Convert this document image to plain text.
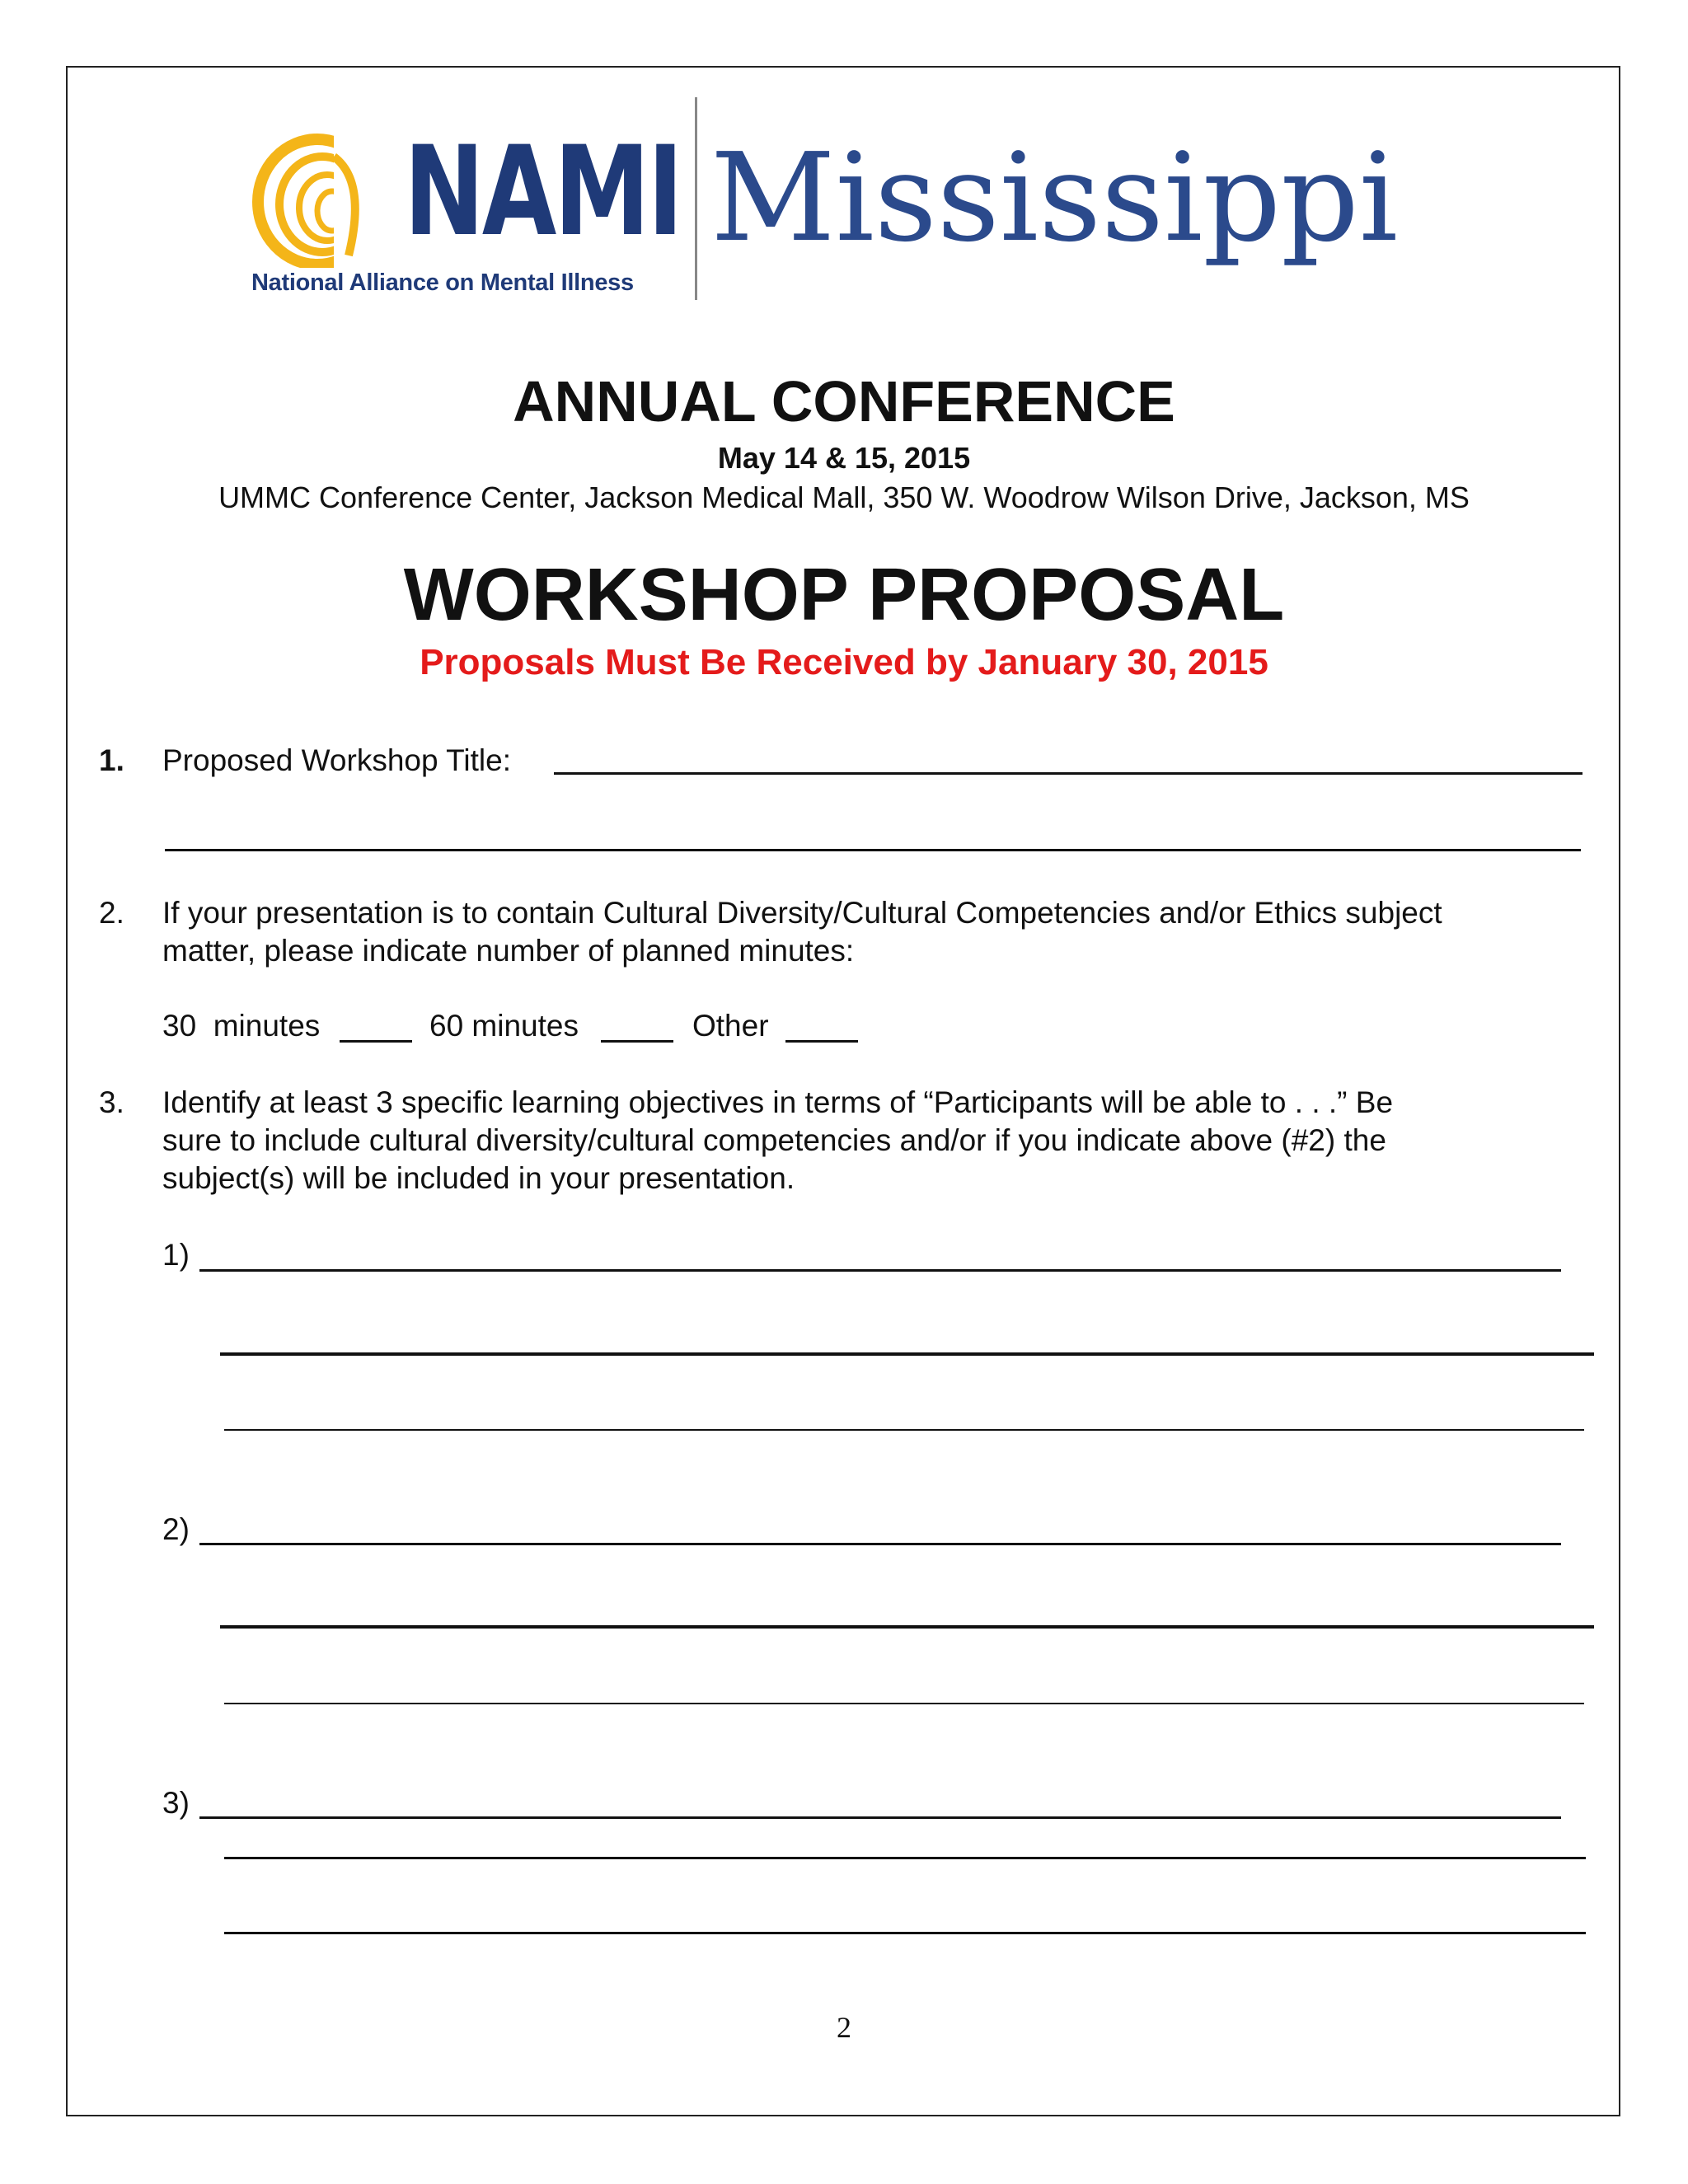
NAMI
National Alliance on Mental Illness
Mississippi
ANNUAL CONFERENCE
May 14 & 15, 2015
UMMC Conference Center, Jackson Medical Mall, 350 W. Woodrow Wilson Drive, Jackson, MS
WORKSHOP PROPOSAL
Proposals Must Be Received by January 30, 2015
1. Proposed Workshop Title:
2. If your presentation is to contain Cultural Diversity/Cultural Competencies and/or Ethics subject
matter, please indicate number of planned minutes:
30  minutes	60 minutes	Other
3. Identify at least 3 specific learning objectives in terms of “Participants will be able to . . .” Be
sure to include cultural diversity/cultural competencies and/or if you indicate above (#2) the
subject(s) will be included in your presentation.
1)
2)
3)
2
